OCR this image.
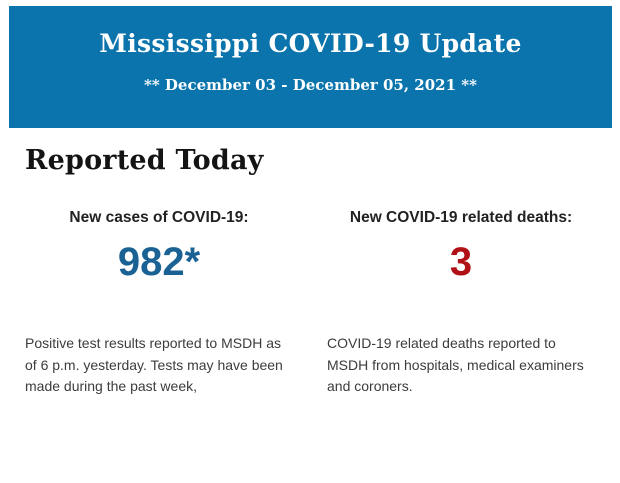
Mississippi COVID-19 Update
** December 03 - December 05, 2021 **
Reported Today
New cases of COVID-19:
982*
Positive test results reported to MSDH as of 6 p.m. yesterday. Tests may have been made during the past week,
New COVID-19 related deaths:
3
COVID-19 related deaths reported to MSDH from hospitals, medical examiners and coroners.
